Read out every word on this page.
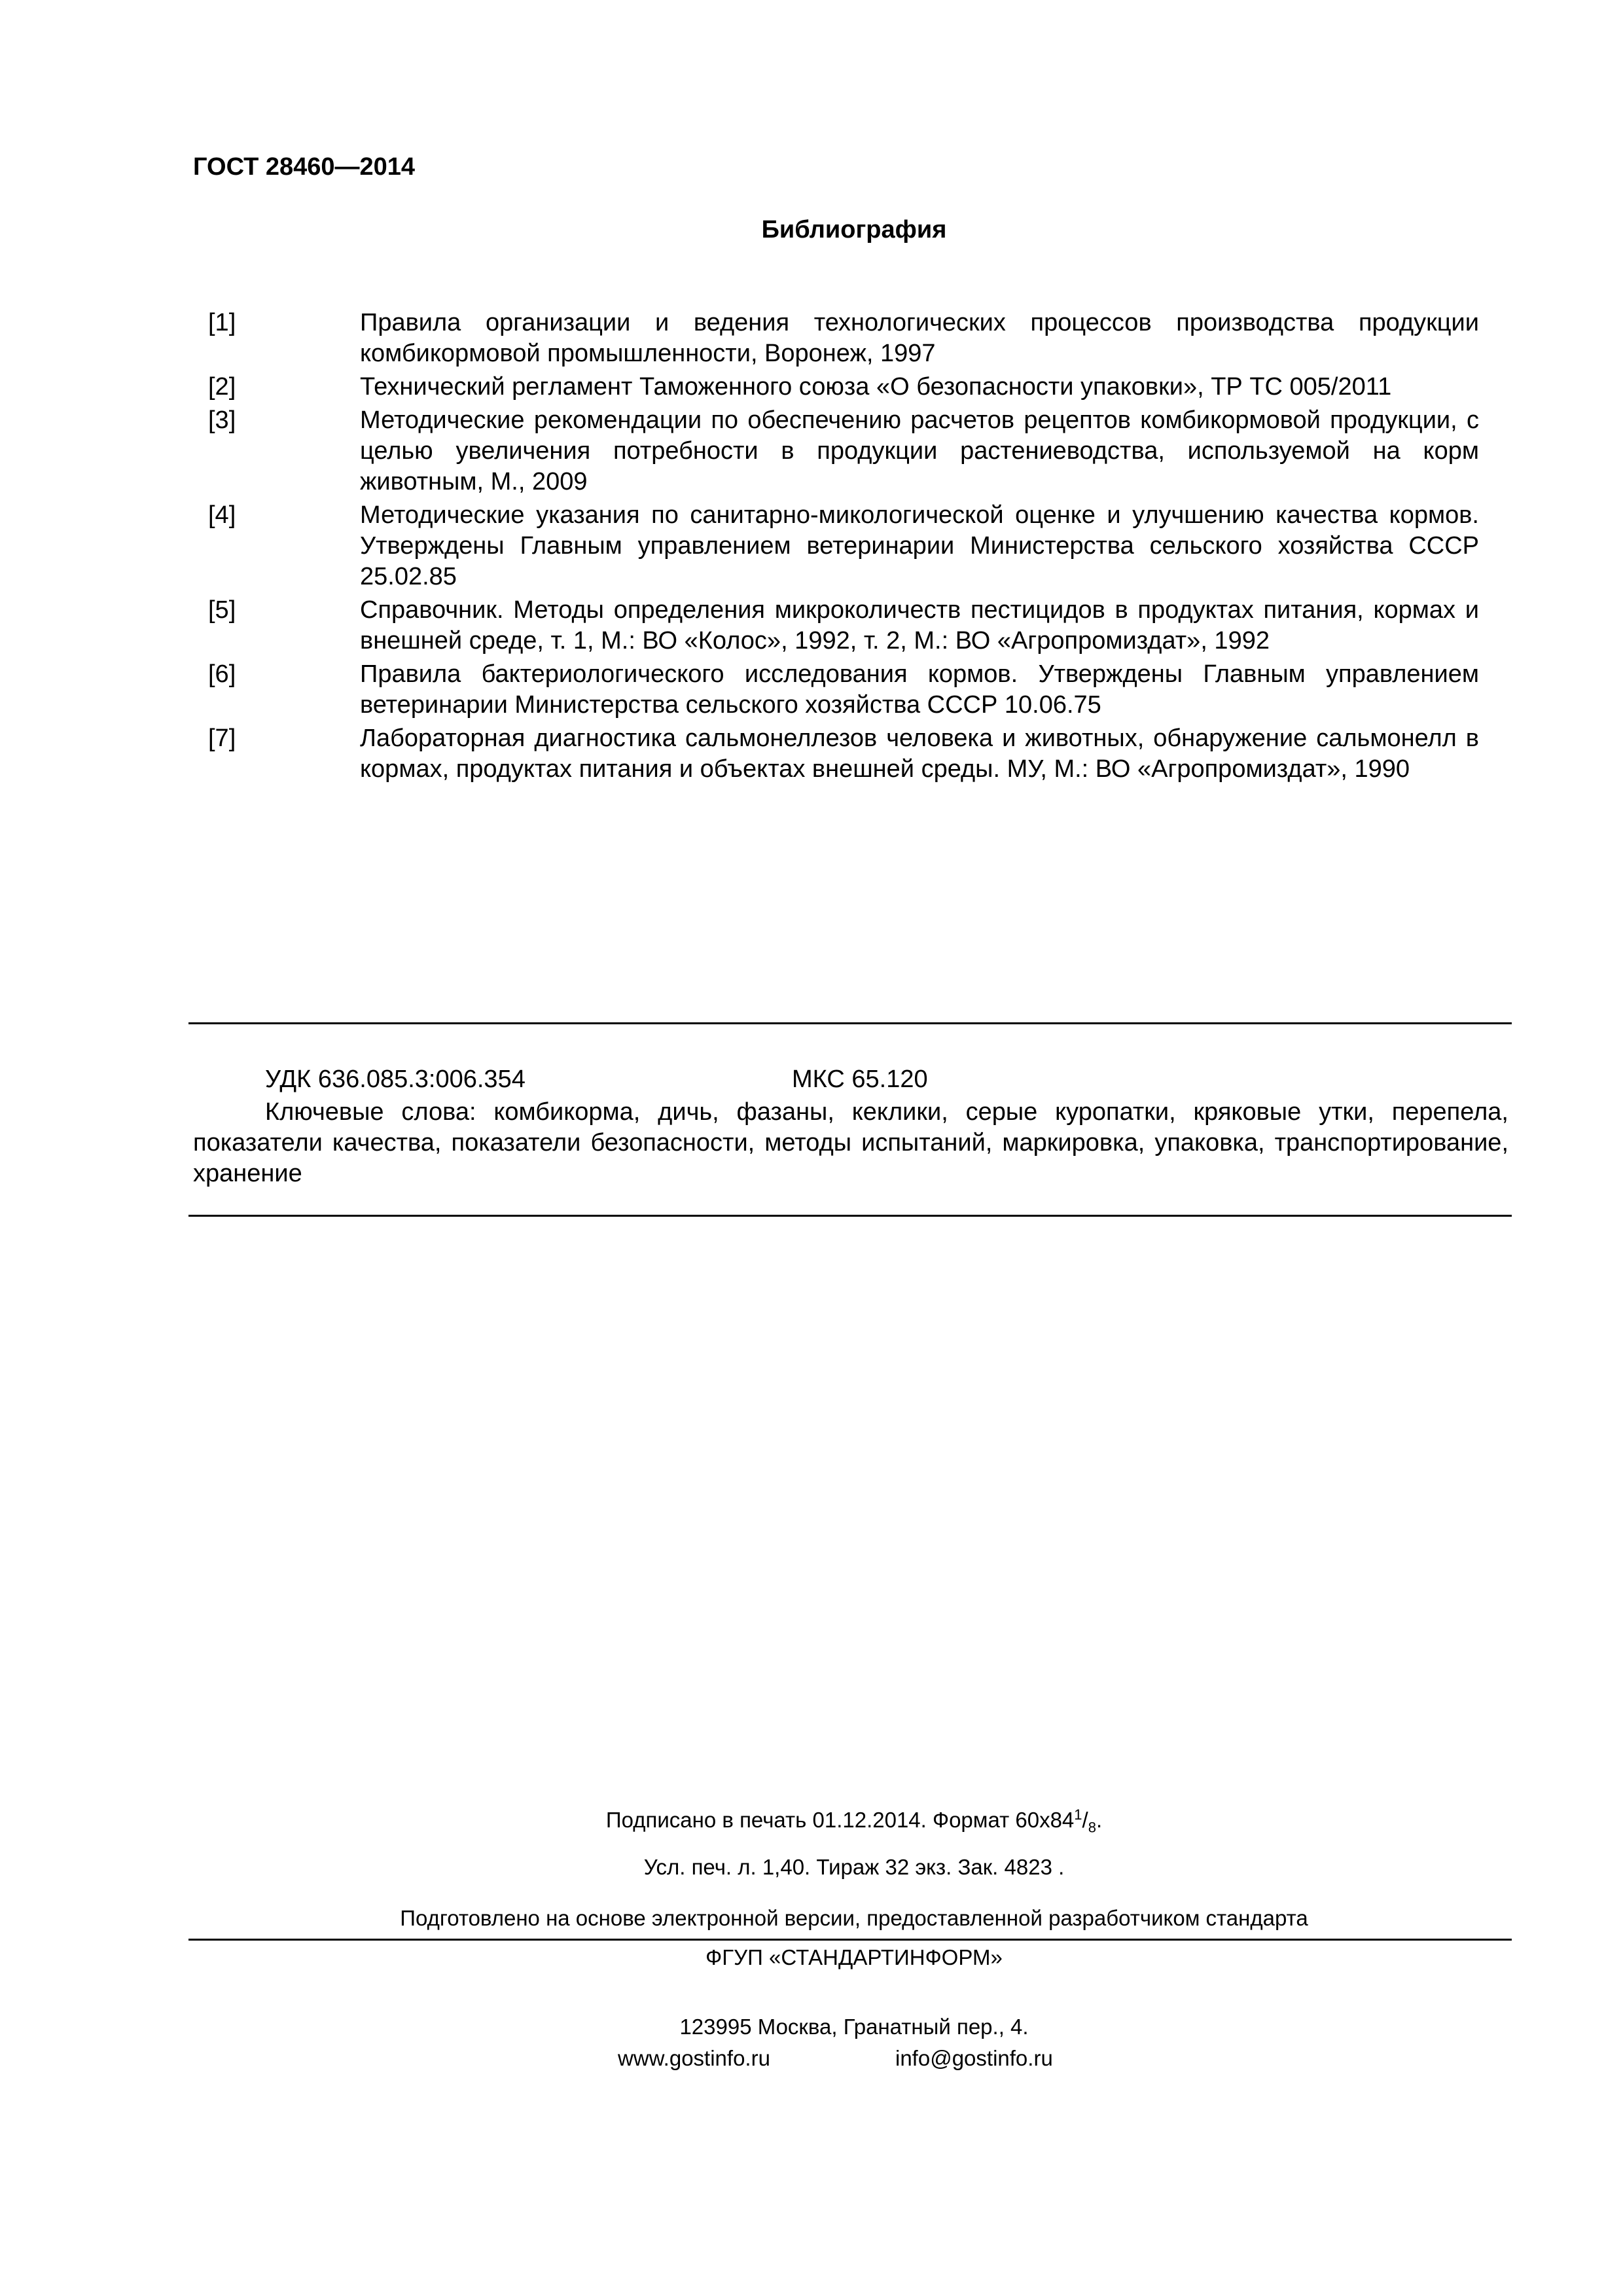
ГОСТ 28460—2014
Библиография
[1]	Правила организации и ведения технологических процессов производства продукции комбикормовой промышленности, Воронеж, 1997
[2]	Технический регламент Таможенного союза «О безопасности упаковки», ТР ТС 005/2011
[3]	Методические рекомендации по обеспечению расчетов рецептов комбикормовой продукции, с целью увеличения потребности в продукции растениеводства, используемой на корм животным, М., 2009
[4]	Методические указания по санитарно-микологической оценке и улучшению качества кормов. Утверждены Главным управлением ветеринарии Министерства сельского хозяйства СССР 25.02.85
[5]	Справочник. Методы определения микроколичеств пестицидов в продуктах питания, кормах и внешней среде, т. 1, М.: ВО «Колос», 1992, т. 2, М.: ВО «Агропромиздат», 1992
[6]	Правила бактериологического исследования кормов. Утверждены Главным управлением ветеринарии Министерства сельского хозяйства СССР 10.06.75
[7]	Лабораторная диагностика сальмонеллезов человека и животных, обнаружение сальмонелл в кормах, продуктах питания и объектах внешней среды. МУ, М.: ВО «Агропромиздат», 1990
УДК 636.085.3:006.354	МКС 65.120
Ключевые слова: комбикорма, дичь, фазаны, кеклики, серые куропатки, кряковые утки, перепела, показатели качества, показатели безопасности, методы испытаний, маркировка, упаковка, транспортирование, хранение
Подписано в печать 01.12.2014. Формат $60х84^1/_8$.
Усл. печ. л. 1,40. Тираж 32 экз. Зак. 4823 .
Подготовлено на основе электронной версии, предоставленной разработчиком стандарта
ФГУП «СТАНДАРТИНФОРМ»
123995 Москва, Гранатный пер., 4.
www.gostinfo.ru	info@gostinfo.ru
